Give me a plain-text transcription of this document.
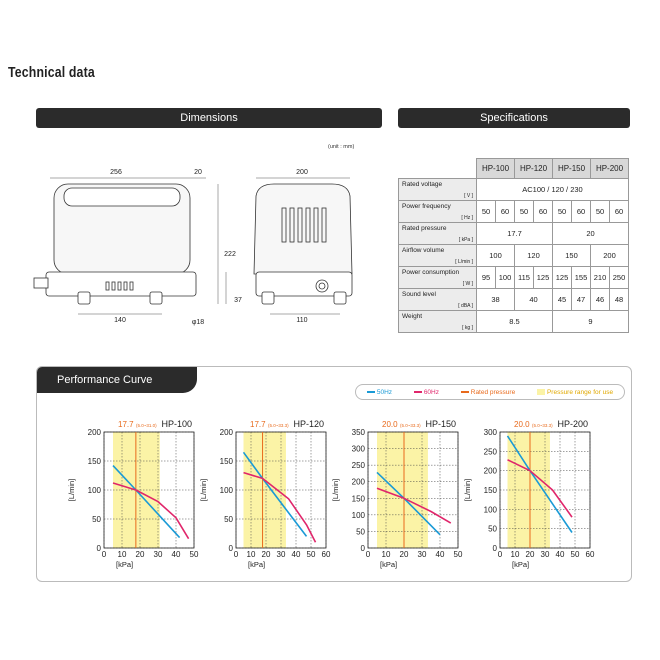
Technical data
Dimensions
(unit : mm)
256	20	200
222
37
140	φ18	110
Specifications
	HP-100		HP-120		HP-150		HP-200	
Rated voltage
[ V ]	AC100 / 120 / 230							
Power frequency
[ Hz ]	50	60	50	60	50	60	50	60
Rated pressure
[ kPa ]	17.7				20			
Airflow volume
[ L/min ]	100		120		150		200	
Power consumption
[ W ]	95	100	115	125	125	155	210	250
Sound level
[ dBA ]	38		40		45	47	46	48
Weight
[ kg ]	8.5				9			
Performance Curve
50Hz	60Hz	Rated pressure	Pressure range for use
0 10 20 30 40 50
0
50
100
150
200
17.7 (5.0~31.0) HP-100
[kPa]
[L/min]
0 10 20 30 40 50 60
0
50
100
150
200
17.7 (5.0~33.3) HP-120
[kPa]
[L/min]
0 10 20 30 40 50
0
50
100
150
200
250
300
350
20.0 (5.0~33.3) HP-150
[kPa]
[L/min]
0 10 20 30 40 50 60
0
50
100
150
200
250
300
20.0 (5.0~33.3) HP-200
[kPa]
[L/min]
